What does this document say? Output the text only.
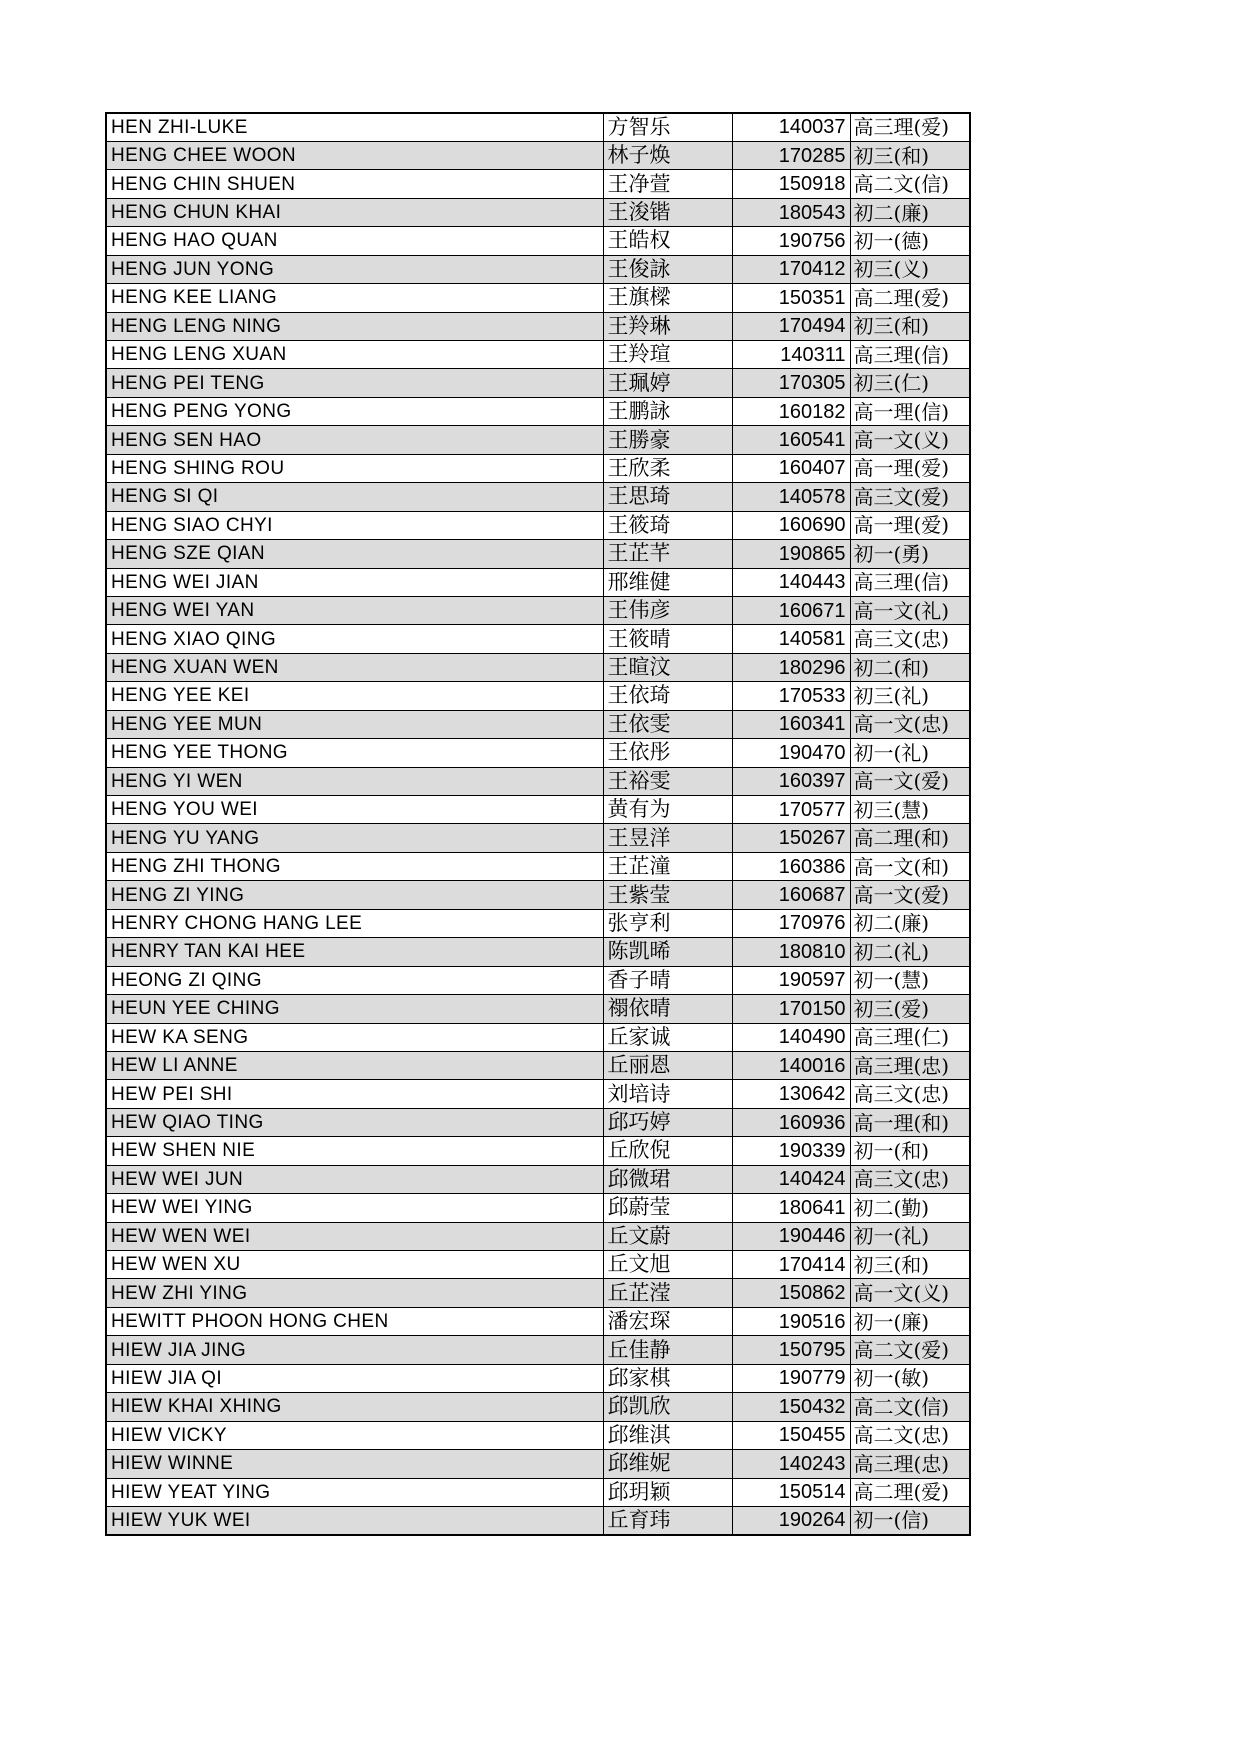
HEN ZHI-LUKE	方智乐	140037	高三理(爱)
HENG CHEE WOON	林子焕	170285	初三(和)
HENG CHIN SHUEN	王净萱	150918	高二文(信)
HENG CHUN KHAI	王浚锴	180543	初二(廉)
HENG HAO QUAN	王皓权	190756	初一(德)
HENG JUN YONG	王俊詠	170412	初三(义)
HENG KEE LIANG	王旗樑	150351	高二理(爱)
HENG LENG NING	王羚琳	170494	初三(和)
HENG LENG XUAN	王羚瑄	140311	高三理(信)
HENG PEI TENG	王珮婷	170305	初三(仁)
HENG PENG YONG	王鹏詠	160182	高一理(信)
HENG SEN HAO	王勝豪	160541	高一文(义)
HENG SHING ROU	王欣柔	160407	高一理(爱)
HENG SI QI	王思琦	140578	高三文(爱)
HENG SIAO CHYI	王筱琦	160690	高一理(爱)
HENG SZE QIAN	王芷芊	190865	初一(勇)
HENG WEI JIAN	邢维健	140443	高三理(信)
HENG WEI YAN	王伟彦	160671	高一文(礼)
HENG XIAO QING	王筱晴	140581	高三文(忠)
HENG XUAN WEN	王暄汶	180296	初二(和)
HENG YEE KEI	王依琦	170533	初三(礼)
HENG YEE MUN	王依雯	160341	高一文(忠)
HENG YEE THONG	王依彤	190470	初一(礼)
HENG YI WEN	王裕雯	160397	高一文(爱)
HENG YOU WEI	黄有为	170577	初三(慧)
HENG YU YANG	王昱洋	150267	高二理(和)
HENG ZHI THONG	王芷潼	160386	高一文(和)
HENG ZI YING	王紫莹	160687	高一文(爱)
HENRY CHONG HANG LEE	张亨利	170976	初二(廉)
HENRY TAN KAI HEE	陈凯晞	180810	初二(礼)
HEONG ZI QING	香子晴	190597	初一(慧)
HEUN YEE CHING	禤依晴	170150	初三(爱)
HEW KA SENG	丘家诚	140490	高三理(仁)
HEW LI ANNE	丘丽恩	140016	高三理(忠)
HEW PEI SHI	刘培诗	130642	高三文(忠)
HEW QIAO TING	邱巧婷	160936	高一理(和)
HEW SHEN NIE	丘欣倪	190339	初一(和)
HEW WEI JUN	邱微珺	140424	高三文(忠)
HEW WEI YING	邱蔚莹	180641	初二(勤)
HEW WEN WEI	丘文蔚	190446	初一(礼)
HEW WEN XU	丘文旭	170414	初三(和)
HEW ZHI YING	丘芷滢	150862	高一文(义)
HEWITT PHOON HONG CHEN	潘宏琛	190516	初一(廉)
HIEW JIA JING	丘佳静	150795	高二文(爱)
HIEW JIA QI	邱家棋	190779	初一(敏)
HIEW KHAI XHING	邱凯欣	150432	高二文(信)
HIEW VICKY	邱维淇	150455	高二文(忠)
HIEW WINNE	邱维妮	140243	高三理(忠)
HIEW YEAT YING	邱玥颖	150514	高二理(爱)
HIEW YUK WEI	丘育玮	190264	初一(信)
